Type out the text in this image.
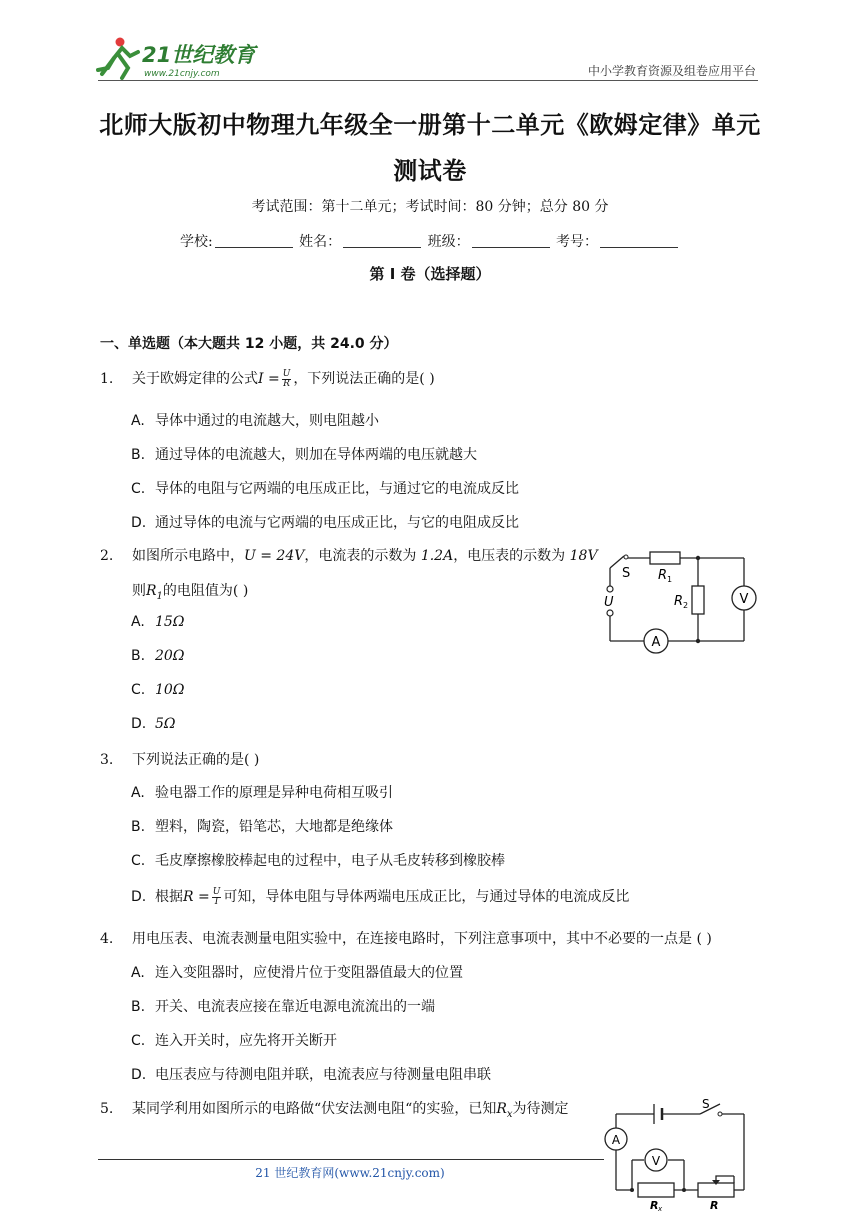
21世纪教育
www.21cnjy.com	中小学教育资源及组卷应用平台
北师大版初中物理九年级全一册第十二单元《欧姆定律》单元测试卷
考试范围：第十二单元；考试时间：80 分钟；总分 80 分
学校:	姓名：	班级：	考号：
第 I 卷（选择题）
一、单选题（本大题共 12 小题，共 24.0 分）
1. 关于欧姆定律的公式$I = \frac{U}{R}$ ，下列说法正确的是( )
A. 导体中通过的电流越大，则电阻越小
B. 通过导体的电流越大，则加在导体两端的电压就越大
C. 导体的电阻与它两端的电压成正比，与通过它的电流成反比
D. 通过导体的电流与它两端的电压成正比，与它的电阻成反比
2. 如图所示电路中，U = 24V，电流表的示数为 1.2A，电压表的示数为 18V
则$R_1$的电阻值为( )
A. 15Ω
B. 20Ω
C. 10Ω
D. 5Ω
V
A
S R 1
R 2
U
3. 下列说法正确的是( )
A. 验电器工作的原理是异种电荷相互吸引
B. 塑料，陶瓷，铅笔芯，大地都是绝缘体
C. 毛皮摩擦橡胶棒起电的过程中，电子从毛皮转移到橡胶棒
D. 根据$R = \frac{U}{I}$ 可知，导体电阻与导体两端电压成正比，与通过导体的电流成反比
4. 用电压表、电流表测量电阻实验中，在连接电路时，下列注意事项中，其中不必要的一点是 ( )
A. 连入变阻器时，应使滑片位于变阻器值最大的位置
B. 开关、电流表应接在靠近电源电流流出的一端
C. 连入开关时，应先将开关断开
D. 电压表应与待测电阻并联，电流表应与待测量电阻串联
5. 某同学利用如图所示的电路做“伏安法测电阻“的实验，已知$R_x$为待测定
A
V
S
R x	R
21 世纪教育网(www.21cnjy.com)
